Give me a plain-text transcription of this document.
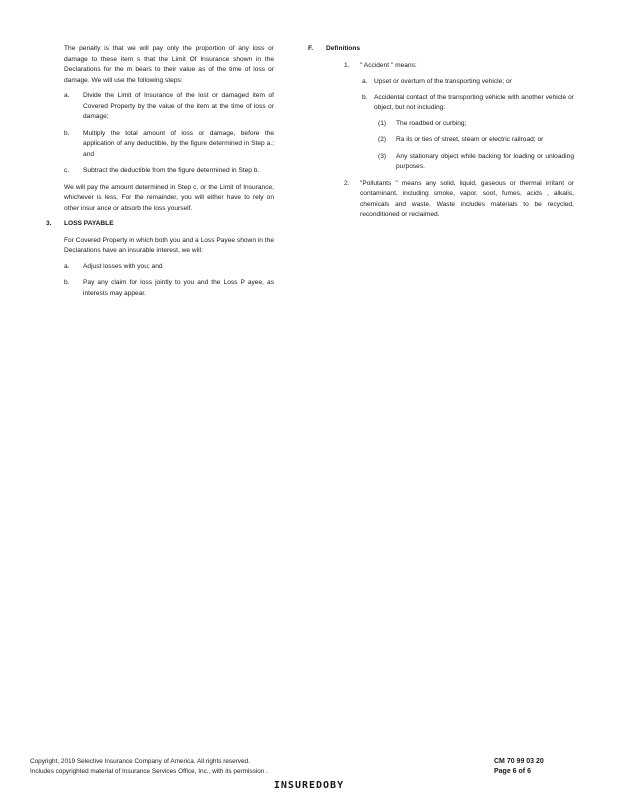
The penalty is that we will pay only the proportion of any loss or damage to these item s that the Limit Of Insurance shown in the Declarations for the m bears to their value as of the time of loss or damage. We will use the following steps:

a. Divide the Limit of Insurance of the lost or damaged item of Covered Property by the value of the item at the time of loss or damage;

b. Multiply the total amount of loss or damage, before the application of any deductible, by the figure determined in Step a.; and

c. Subtract the deductible from the figure determined in Step b.

We will pay the amount determined in Step c. or the Limit of Insurance, whichever is less. For the remainder, you will either have to rely on other insur ance or absorb the loss yourself.

3. LOSS PAYABLE

For Covered Property in which both you and a Loss Payee shown in the Declarations have an insurable interest, we will:

a. Adjust losses with you; and

b. Pay any claim for loss jointly to you and the Loss P ayee, as interests may appear.

F. Definitions

1. " Accident " means:

a. Upset or overturn of the transporting vehicle; or

b. Accidental contact of the transporting vehicle with another vehicle or object, but not including:

(1) The roadbed or curbing;

(2) Ra ils or ties of street, steam or electric railroad; or

(3) Any stationary object while backing for loading or unloading purposes.

2. "Pollutants " means any solid, liquid, gaseous or thermal irritant or contaminant, including smoke, vapor, soot, fumes, acids , alkalis, chemicals and waste. Waste includes materials to be recycled, reconditioned or reclaimed.

Copyright, 2019 Selective Insurance Company of America. All rights reserved.
Includes copyrighted material of Insurance Services Office, Inc., with its permission .
CM 70 99 03 20
Page 6 of 6
INSUREDOBY
